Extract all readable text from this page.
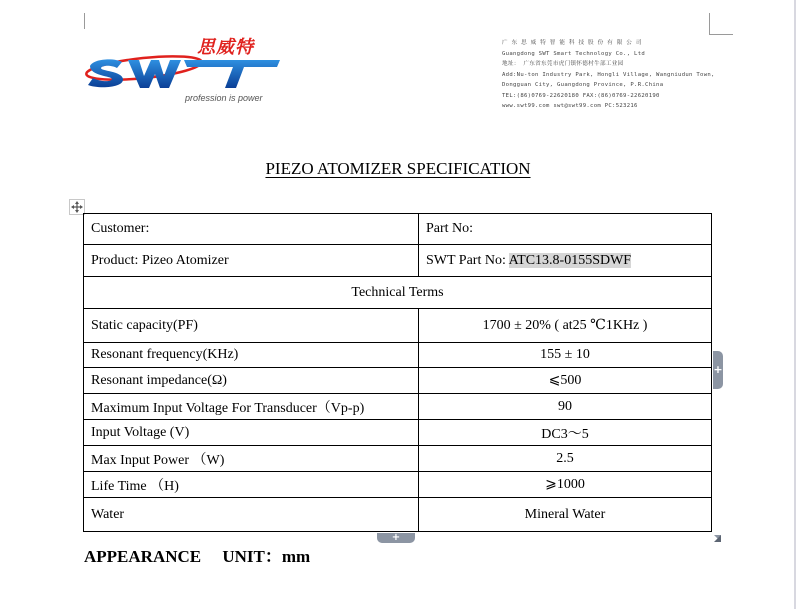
思威特
profession is power
广 东 思 威 特 智 能 科 技 股 份 有 限 公 司
Guangdong SWT Smart Technology Co., Ltd
地址： 广东省东莞市虎门镇怀德村牛部工业园
Add:Nu-ton Industry Park, Hongli Village, Wangniudun Town,
Dongguan City, Guangdong Province, P.R.China
TEL:(86)0769-22620180 FAX:(86)0769-22620190
www.swt99.com swt@swt99.com PC:523216
PIEZO ATOMIZER SPECIFICATION
Customer:	Part No:
Product: Pizeo Atomizer	SWT Part No: ATC13.8-0155SDWF
Technical Terms	
Static capacity(PF)	1700 ± 20% ( at25 ℃1KHz )
Resonant frequency(KHz)	155 ± 10
Resonant impedance(Ω)	⩽500
Maximum Input Voltage For Transducer（Vp-p)	90
Input Voltage (V)	DC3～5
Max Input Power （W)	2.5
Life Time （H)	⩾1000
Water	Mineral Water
+
+
APPEARANCE     UNIT：mm
